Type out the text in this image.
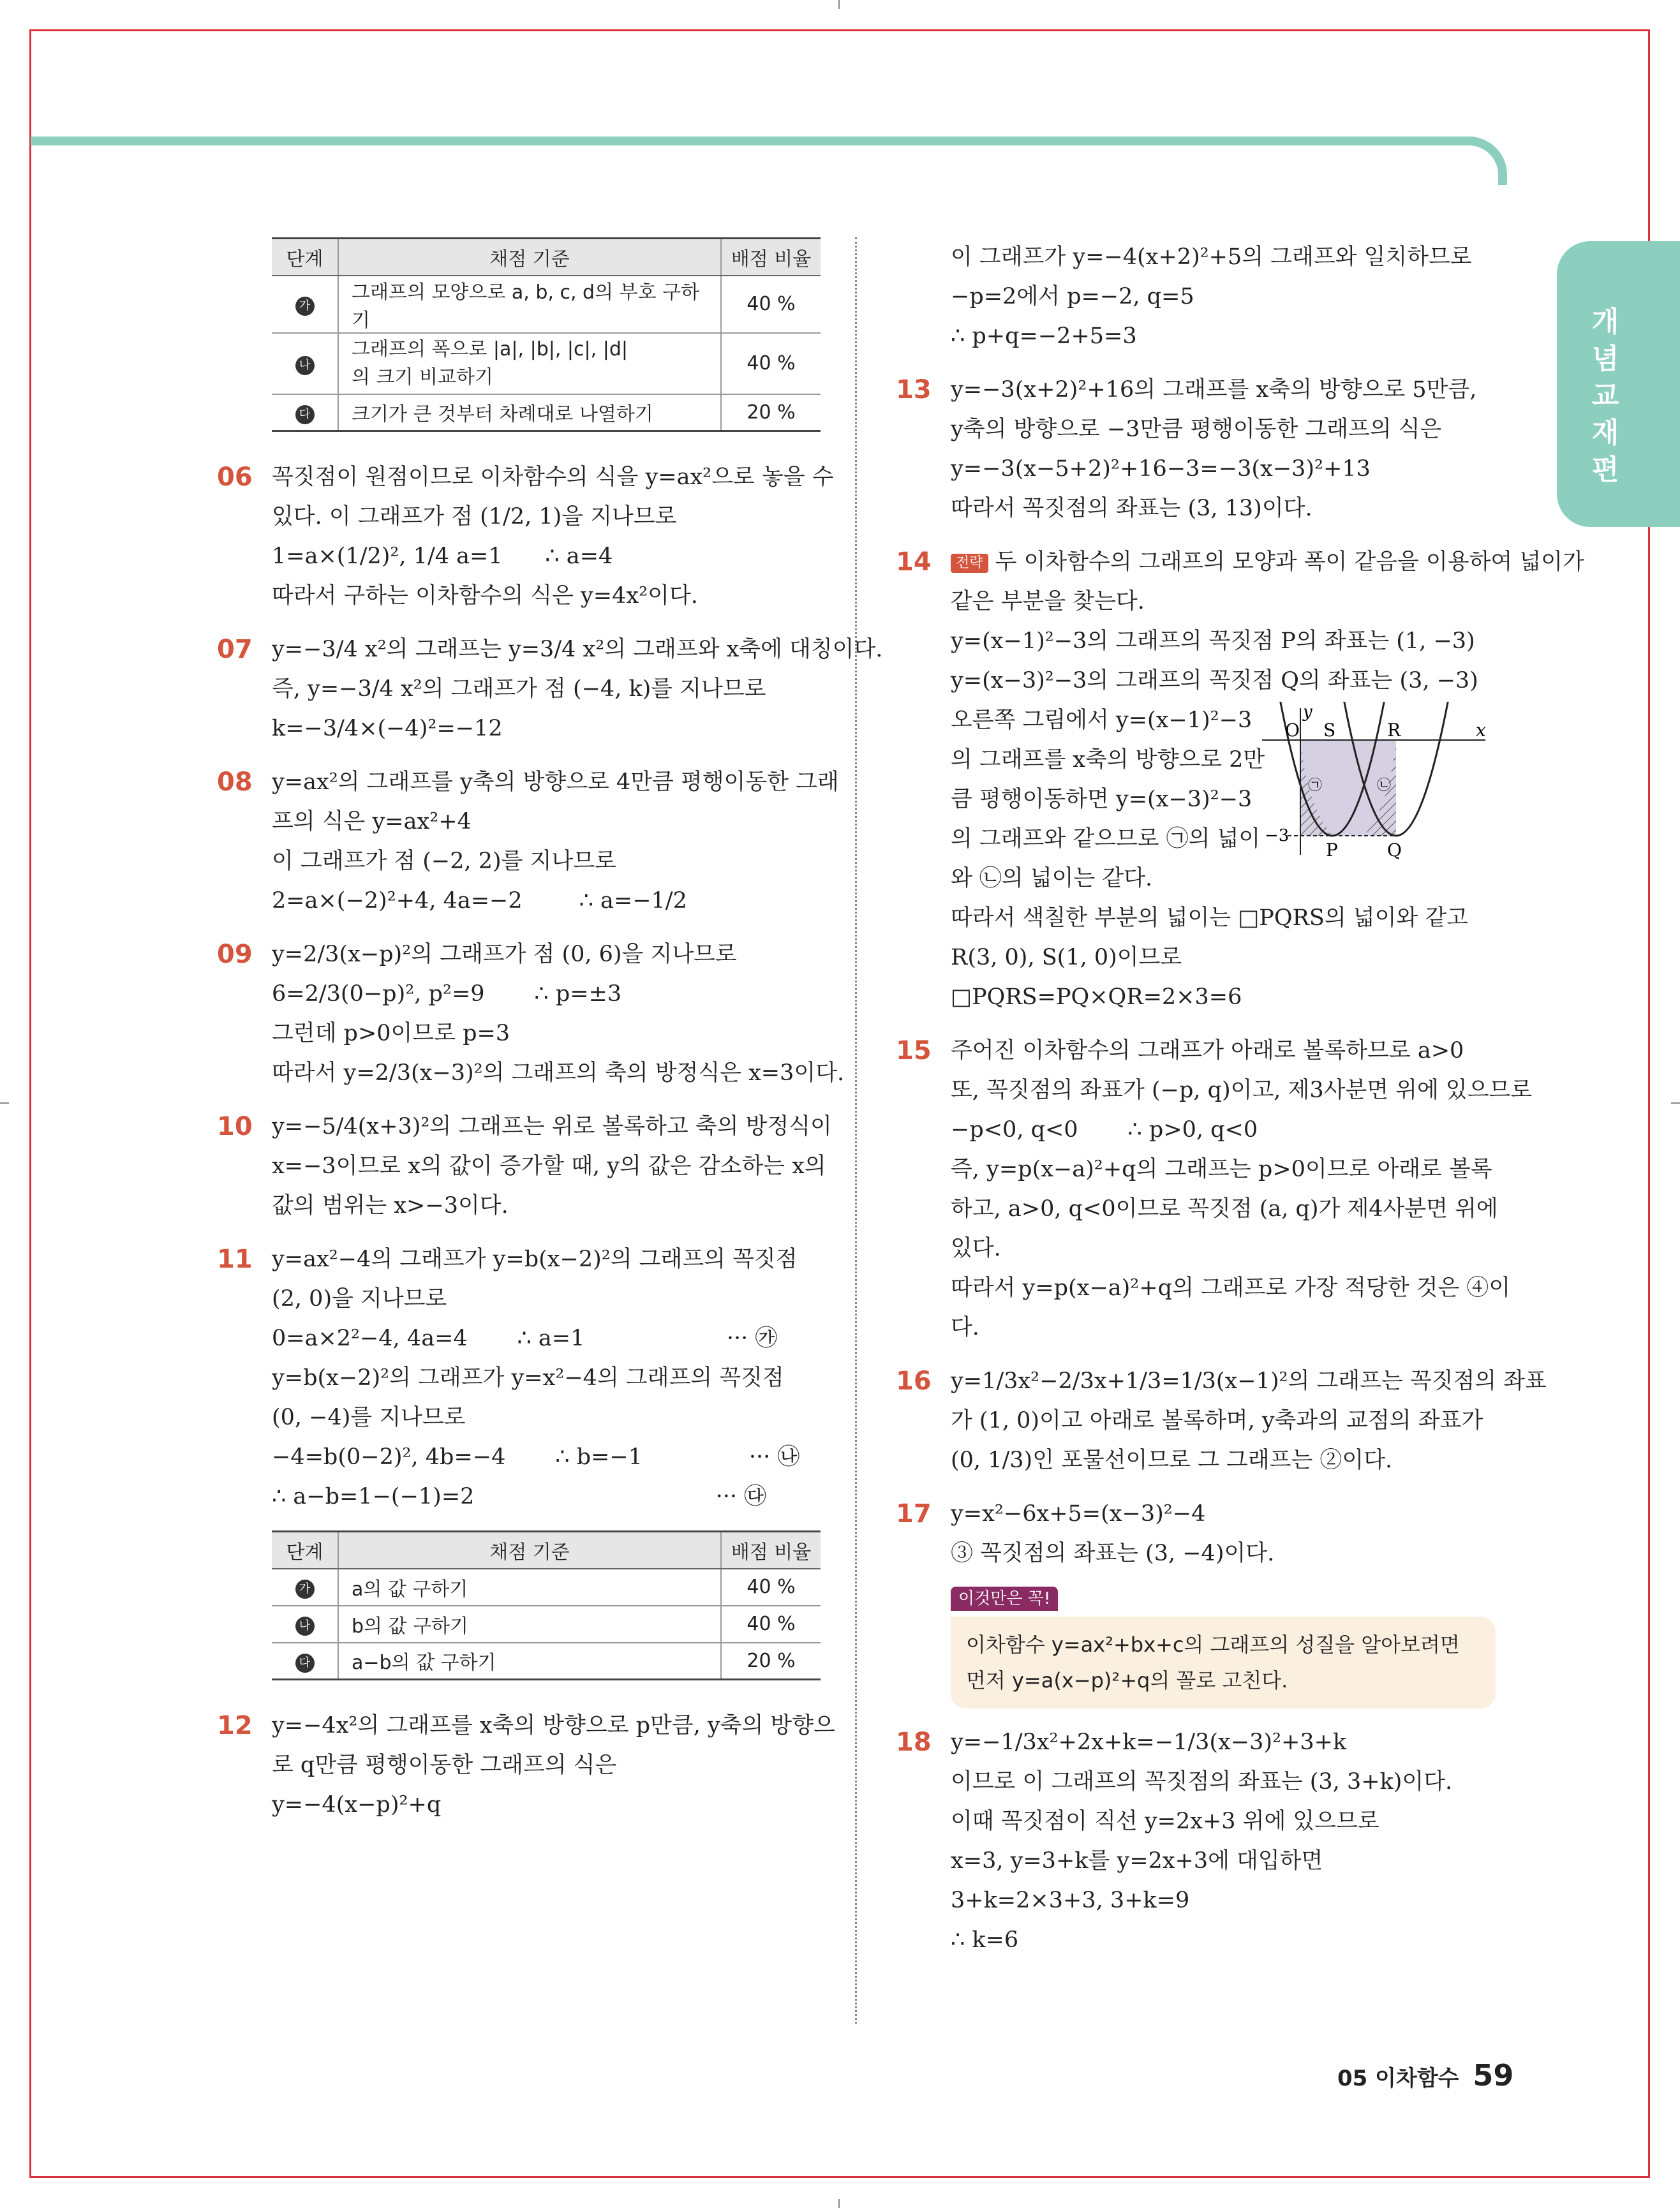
개
념
교
재
편
단계	채점 기준	배점 비율
가	그래프의 모양으로 a, b, c, d의 부호 구하기	40 %
나	그래프의 폭으로 |a|, |b|, |c|, |d|의 크기 비교하기	40 %
다	크기가 큰 것부터 차례대로 나열하기	20 %
06 꼭짓점이 원점이므로 이차함수의 식을 y=ax²으로 놓을 수
있다. 이 그래프가 점 (1/2, 1)을 지나므로
1=a×(1/2)², 1/4 a=1      ∴ a=4
따라서 구하는 이차함수의 식은 y=4x²이다.
07 y=−3/4 x²의 그래프는 y=3/4 x²의 그래프와 x축에 대칭이다.
즉, y=−3/4 x²의 그래프가 점 (−4, k)를 지나므로
k=−3/4×(−4)²=−12
08 y=ax²의 그래프를 y축의 방향으로 4만큼 평행이동한 그래
프의 식은 y=ax²+4
이 그래프가 점 (−2, 2)를 지나므로
2=a×(−2)²+4, 4a=−2        ∴ a=−1/2
09 y=2/3(x−p)²의 그래프가 점 (0, 6)을 지나므로
6=2/3(0−p)², p²=9       ∴ p=±3
그런데 p>0이므로 p=3
따라서 y=2/3(x−3)²의 그래프의 축의 방정식은 x=3이다.
10 y=−5/4(x+3)²의 그래프는 위로 볼록하고 축의 방정식이
x=−3이므로 x의 값이 증가할 때, y의 값은 감소하는 x의
값의 범위는 x>−3이다.
11 y=ax²−4의 그래프가 y=b(x−2)²의 그래프의 꼭짓점
(2, 0)을 지나므로
0=a×2²−4, 4a=4       ∴ a=1                    ··· ㉮
y=b(x−2)²의 그래프가 y=x²−4의 그래프의 꼭짓점
(0, −4)를 지나므로
−4=b(0−2)², 4b=−4       ∴ b=−1               ··· ㉯
∴ a−b=1−(−1)=2                                  ··· ㉰
단계	채점 기준	배점 비율
가	a의 값 구하기	40 %
나	b의 값 구하기	40 %
다	a−b의 값 구하기	20 %
12 y=−4x²의 그래프를 x축의 방향으로 p만큼, y축의 방향으
로 q만큼 평행이동한 그래프의 식은
y=−4(x−p)²+q
이 그래프가 y=−4(x+2)²+5의 그래프와 일치하므로
−p=2에서 p=−2, q=5
∴ p+q=−2+5=3
13 y=−3(x+2)²+16의 그래프를 x축의 방향으로 5만큼,
y축의 방향으로 −3만큼 평행이동한 그래프의 식은
y=−3(x−5+2)²+16−3=−3(x−3)²+13
따라서 꼭짓점의 좌표는 (3, 13)이다.
14	전략 두 이차함수의 그래프의 모양과 폭이 같음을 이용하여 넓이가
같은 부분을 찾는다.
y=(x−1)²−3의 그래프의 꼭짓점 P의 좌표는 (1, −3)
y=(x−3)²−3의 그래프의 꼭짓점 Q의 좌표는 (3, −3)
오른쪽 그림에서 y=(x−1)²−3
의 그래프를 x축의 방향으로 2만
큼 평행이동하면 y=(x−3)²−3
의 그래프와 같으므로 ㉠의 넓이
와 ㉡의 넓이는 같다.
따라서 색칠한 부분의 넓이는 □PQRS의 넓이와 같고
R(3, 0), S(1, 0)이므로
□PQRS=PQ×QR=2×3=6
y
x
O S	R
P	Q
−3
㉠	㉡
15 주어진 이차함수의 그래프가 아래로 볼록하므로 a>0
또, 꼭짓점의 좌표가 (−p, q)이고, 제3사분면 위에 있으므로
−p<0, q<0       ∴ p>0, q<0
즉, y=p(x−a)²+q의 그래프는 p>0이므로 아래로 볼록
하고, a>0, q<0이므로 꼭짓점 (a, q)가 제4사분면 위에
있다.
따라서 y=p(x−a)²+q의 그래프로 가장 적당한 것은 ④이
다.
16 y=1/3x²−2/3x+1/3=1/3(x−1)²의 그래프는 꼭짓점의 좌표
가 (1, 0)이고 아래로 볼록하며, y축과의 교점의 좌표가
(0, 1/3)인 포물선이므로 그 그래프는 ②이다.
17 y=x²−6x+5=(x−3)²−4
③ 꼭짓점의 좌표는 (3, −4)이다.
이것만은 꼭!
이차함수 y=ax²+bx+c의 그래프의 성질을 알아보려면
먼저 y=a(x−p)²+q의 꼴로 고친다.
18 y=−1/3x²+2x+k=−1/3(x−3)²+3+k
이므로 이 그래프의 꼭짓점의 좌표는 (3, 3+k)이다.
이때 꼭짓점이 직선 y=2x+3 위에 있으므로
x=3, y=3+k를 y=2x+3에 대입하면
3+k=2×3+3, 3+k=9
∴ k=6
05 이차함수 59
